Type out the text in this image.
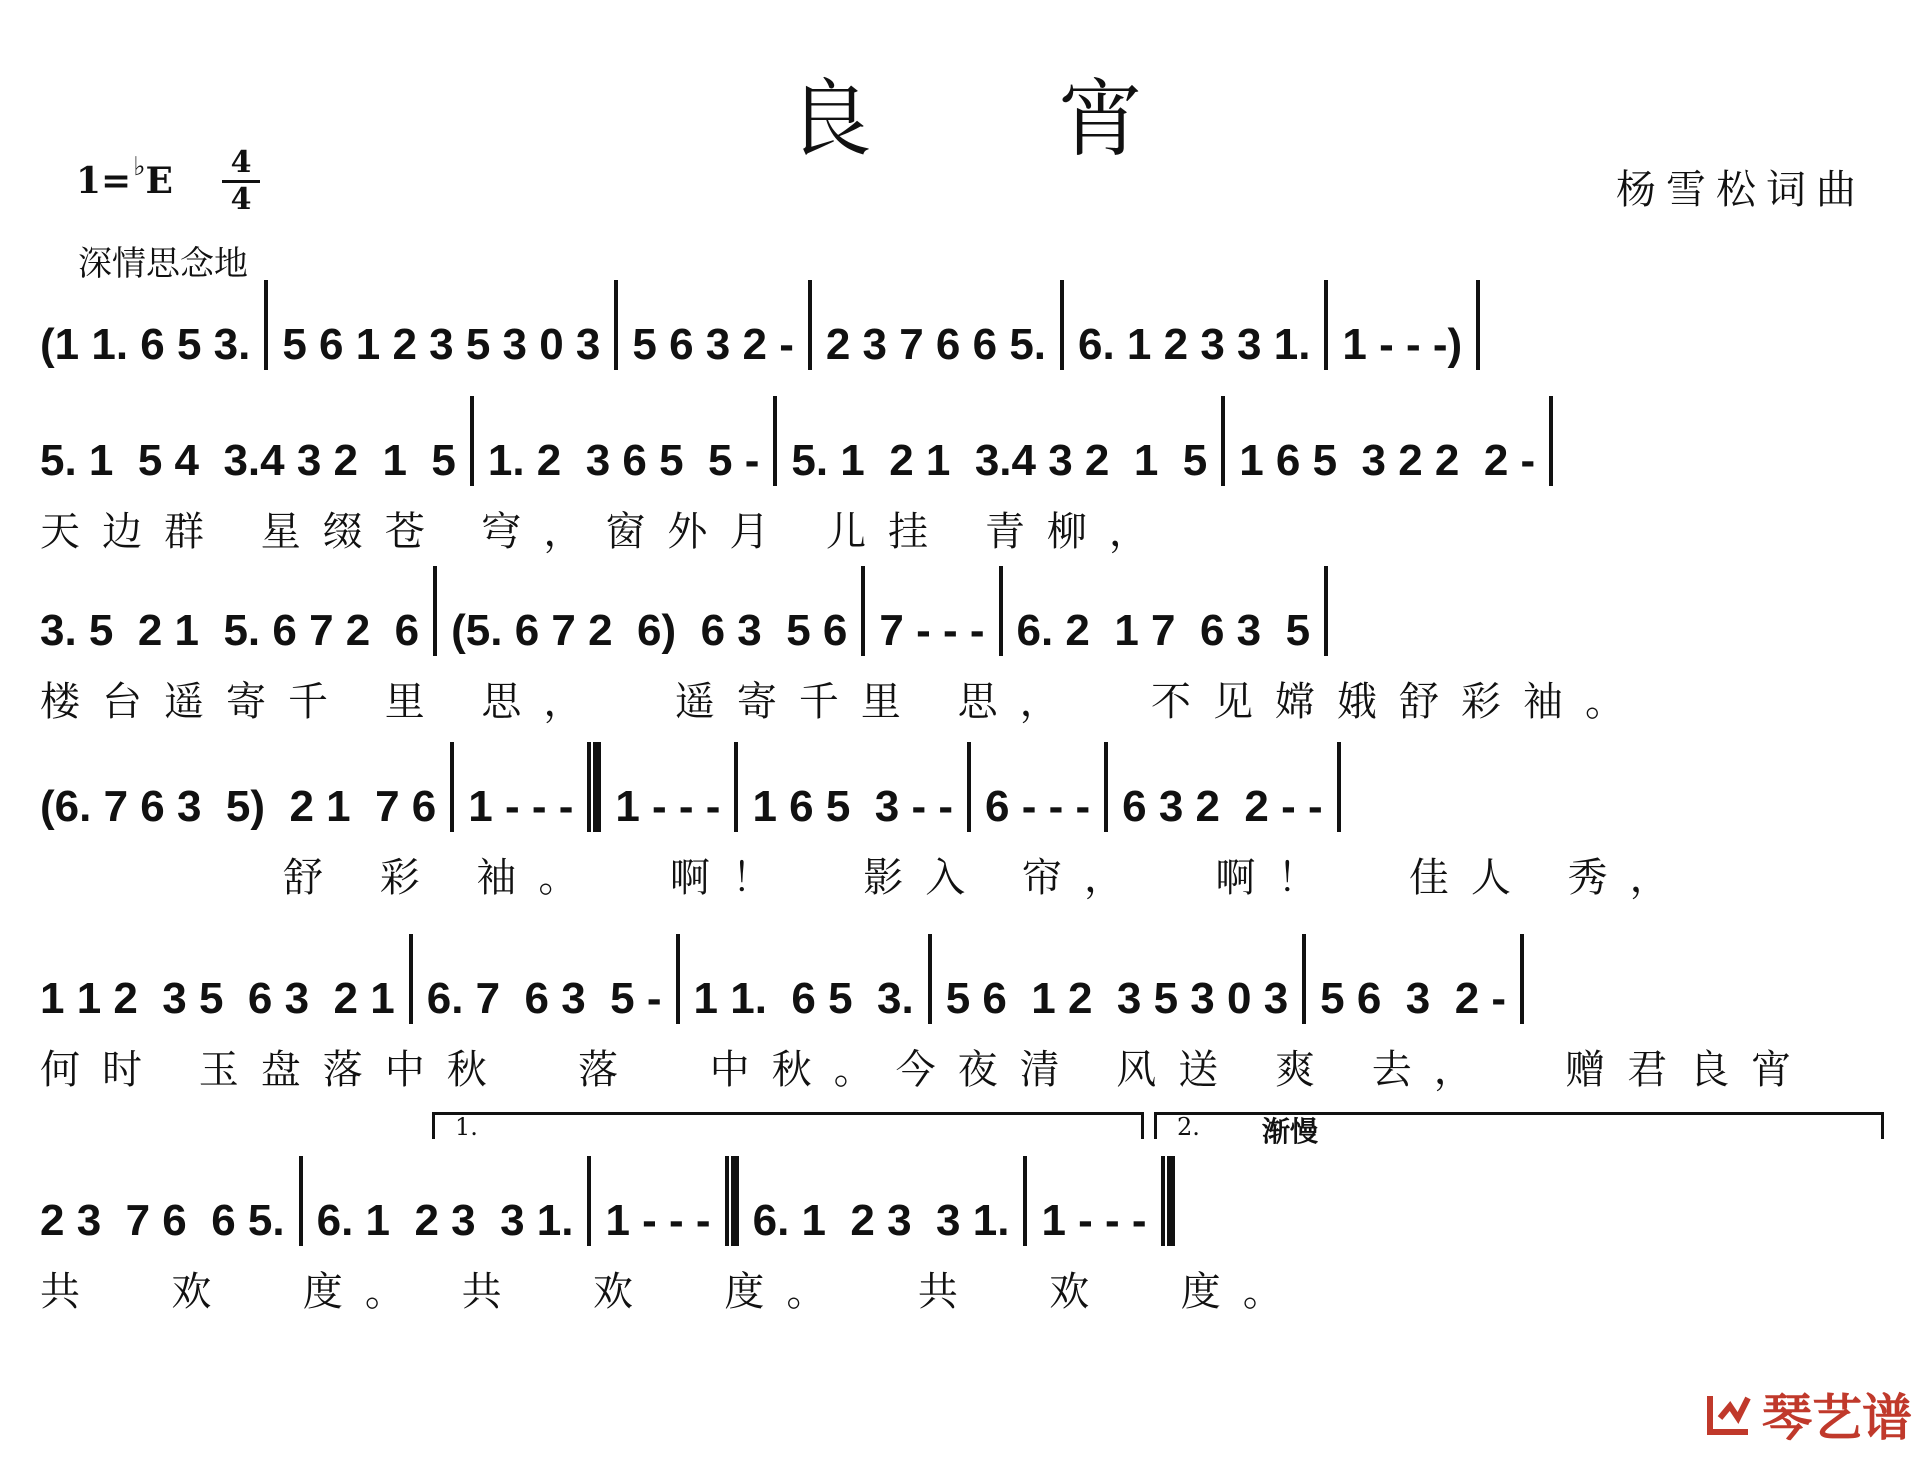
良 宵
1=♭E 4
4	杨雪松词曲
深情思念地
(1 1. 6 5 3. 5 6 1 2 3 5 3 0 3 5 6 3 2 - 2 3 7 6 6 5. 6. 1 2 3 3 1. 1 - - -)
5. 1  5 4  3.4 3 2  1  5 1. 2  3 6 5  5 - 5. 1  2 1  3.4 3 2  1  5 1 6 5  3 2 2  2 -
天边群 星缀苍 穹，窗外月 儿挂 青柳，
3. 5  2 1  5. 6 7 2  6 (5. 6 7 2  6)  6 3  5 6 7 - - - 6. 2  1 7  6 3  5
楼台遥寄千 里 思，  遥寄千里 思，  不见嫦娥舒彩袖。
(6. 7 6 3  5)  2 1  7 6 1 - - - 1 - - - 1 6 5  3 - - 6 - - - 6 3 2  2 - -
舒 彩 袖。  啊！  影入 帘，  啊！  佳人 秀，
1 1 2  3 5  6 3  2 1 6. 7  6 3  5 - 1 1.  6 5  3. 5 6  1 2  3 5 3 0 3 5 6  3  2 -
何时 玉盘落中秋  落  中秋。今夜清 风送 爽 去，  赠君良宵
1.	2. 渐慢
2 3  7 6  6 5. 6. 1  2 3  3 1. 1 - - - 6. 1  2 3  3 1. 1 - - -
共  欢  度。 共  欢  度。  共  欢  度。
琴艺谱
